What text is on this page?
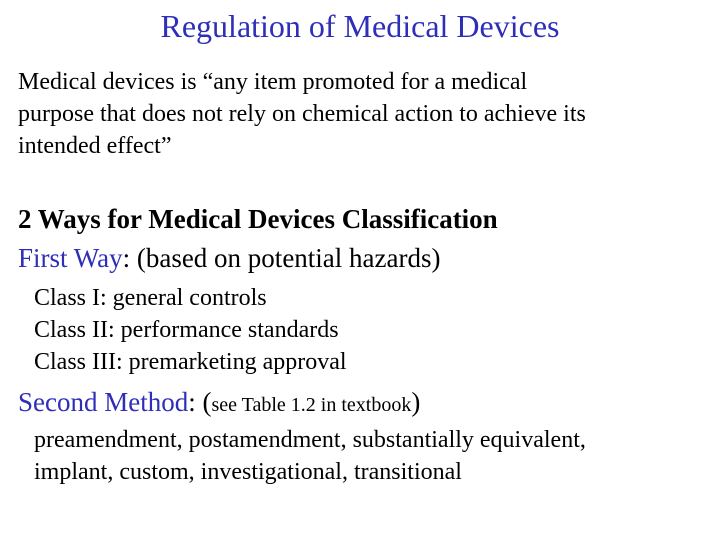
Regulation of Medical Devices
Medical devices is “any item promoted for a medical
purpose that does not rely on chemical action to achieve its
intended effect”
2 Ways for Medical Devices Classification
First Way: (based on potential hazards)
Class I: general controls
Class II: performance standards
Class III: premarketing approval
Second Method: (see Table 1.2 in textbook)
preamendment, postamendment, substantially equivalent,
implant, custom, investigational, transitional
